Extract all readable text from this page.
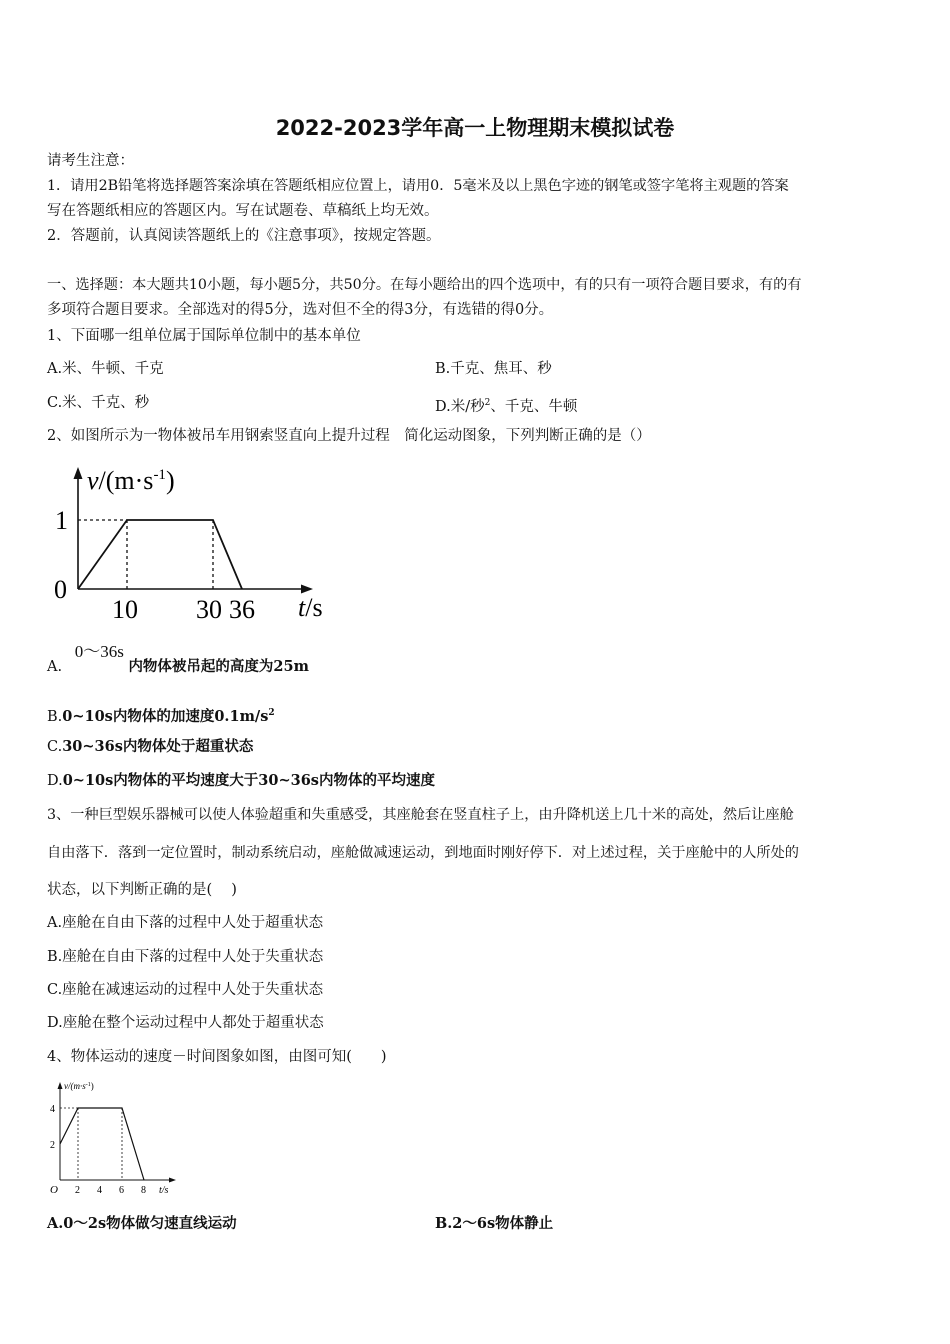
2022-2023学年高一上物理期末模拟试卷
请考生注意：
1．请用2B铅笔将选择题答案涂填在答题纸相应位置上，请用0．5毫米及以上黑色字迹的钢笔或签字笔将主观题的答案
写在答题纸相应的答题区内。写在试题卷、草稿纸上均无效。
2．答题前，认真阅读答题纸上的《注意事项》，按规定答题。
一、选择题：本大题共10小题，每小题5分，共50分。在每小题给出的四个选项中，有的只有一项符合题目要求，有的有
多项符合题目要求。全部选对的得5分，选对但不全的得3分，有选错的得0分。
1、下面哪一组单位属于国际单位制中的基本单位
A.米、牛顿、千克	B.千克、焦耳、秒
C.米、千克、秒	D.米/秒$^2$、千克、牛顿
2、如图所示为一物体被吊车用钢索竖直向上提升过程　简化运动图象，下列判断正确的是（）
$v/(m\cdot s^{-1})$
1
0
10 30 36 t/s
A. 0～36s 内物体被吊起的高度为25m
B.0~10s内物体的加速度$0.1m/s^2$
C.30~36s内物体处于超重状态
D.0~10s内物体的平均速度大于30~36s内物体的平均速度
3、一种巨型娱乐器械可以使人体验超重和失重感受，其座舱套在竖直柱子上，由升降机送上几十米的高处，然后让座舱
自由落下．落到一定位置时，制动系统启动，座舱做减速运动，到地面时刚好停下．对上述过程，关于座舱中的人所处的
状态，以下判断正确的是(　 )
A.座舱在自由下落的过程中人处于超重状态
B.座舱在自由下落的过程中人处于失重状态
C.座舱在减速运动的过程中人处于失重状态
D.座舱在整个运动过程中人都处于超重状态
4、物体运动的速度－时间图象如图，由图可知(　　)
$v/(m\cdot s^{-1})$
4
2
O 2 4 6 8 t/s
A.0～2s物体做匀速直线运动	B.2～6s物体静止
